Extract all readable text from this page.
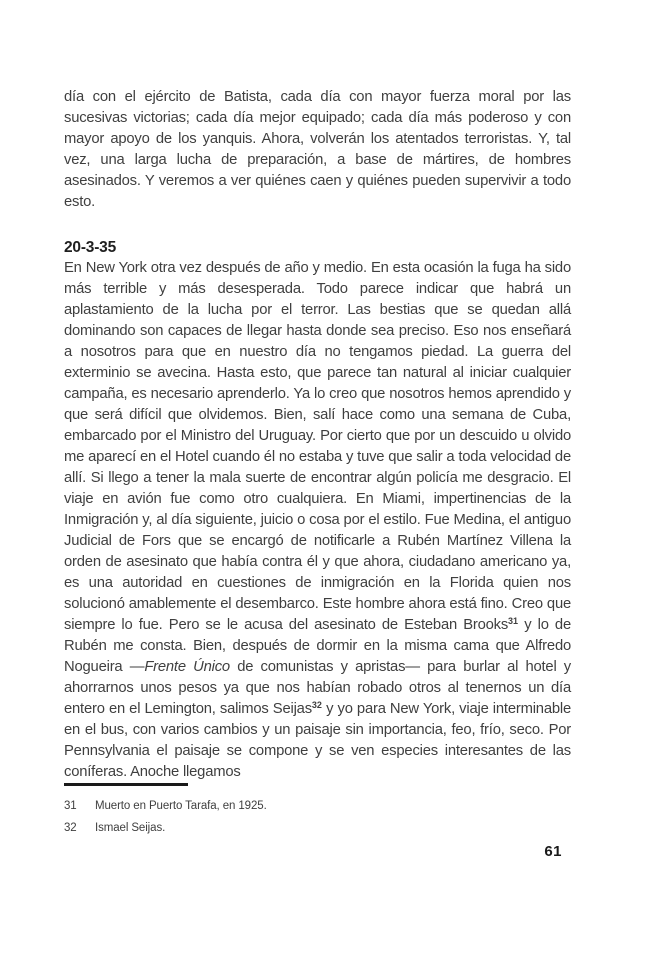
día con el ejército de Batista, cada día con mayor fuerza moral por las sucesivas victorias; cada día mejor equipado; cada día más poderoso y con mayor apoyo de los yanquis. Ahora, volverán los atentados terroristas. Y, tal vez, una larga lucha de preparación, a base de mártires, de hombres asesinados. Y veremos a ver quiénes caen y quiénes pueden supervivir a todo esto.

20-3-35

En New York otra vez después de año y medio. En esta ocasión la fuga ha sido más terrible y más desesperada. Todo parece indicar que habrá un aplastamiento de la lucha por el terror. Las bestias que se quedan allá dominando son capaces de llegar hasta donde sea preciso. Eso nos enseñará a nosotros para que en nuestro día no tengamos piedad. La guerra del exterminio se avecina. Hasta esto, que parece tan natural al iniciar cualquier campaña, es necesario aprenderlo. Ya lo creo que nosotros hemos aprendido y que será difícil que olvidemos. Bien, salí hace como una semana de Cuba, embarcado por el Ministro del Uruguay. Por cierto que por un descuido u olvido me aparecí en el Hotel cuando él no estaba y tuve que salir a toda velocidad de allí. Si llego a tener la mala suerte de encontrar algún policía me desgracio. El viaje en avión fue como otro cualquiera. En Miami, impertinencias de la Inmigración y, al día siguiente, juicio o cosa por el estilo. Fue Medina, el antiguo Judicial de Fors que se encargó de notificarle a Rubén Martínez Villena la orden de asesinato que había contra él y que ahora, ciudadano americano ya, es una autoridad en cuestiones de inmigración en la Florida quien nos solucionó amablemente el desembarco. Este hombre ahora está fino. Creo que siempre lo fue. Pero se le acusa del asesinato de Esteban Brooks$^{31}$ y lo de Rubén me consta. Bien, después de dormir en la misma cama que Alfredo Nogueira —Frente Único de comunistas y apristas— para burlar al hotel y ahorrarnos unos pesos ya que nos habían robado otros al tenernos un día entero en el Lemington, salimos Seijas$^{32}$ y yo para New York, viaje interminable en el bus, con varios cambios y un paisaje sin importancia, feo, frío, seco. Por Pennsylvania el paisaje se compone y se ven especies interesantes de las coníferas. Anoche llegamos

31	Muerto en Puerto Tarafa, en 1925.
32	Ismael Seijas.
61
